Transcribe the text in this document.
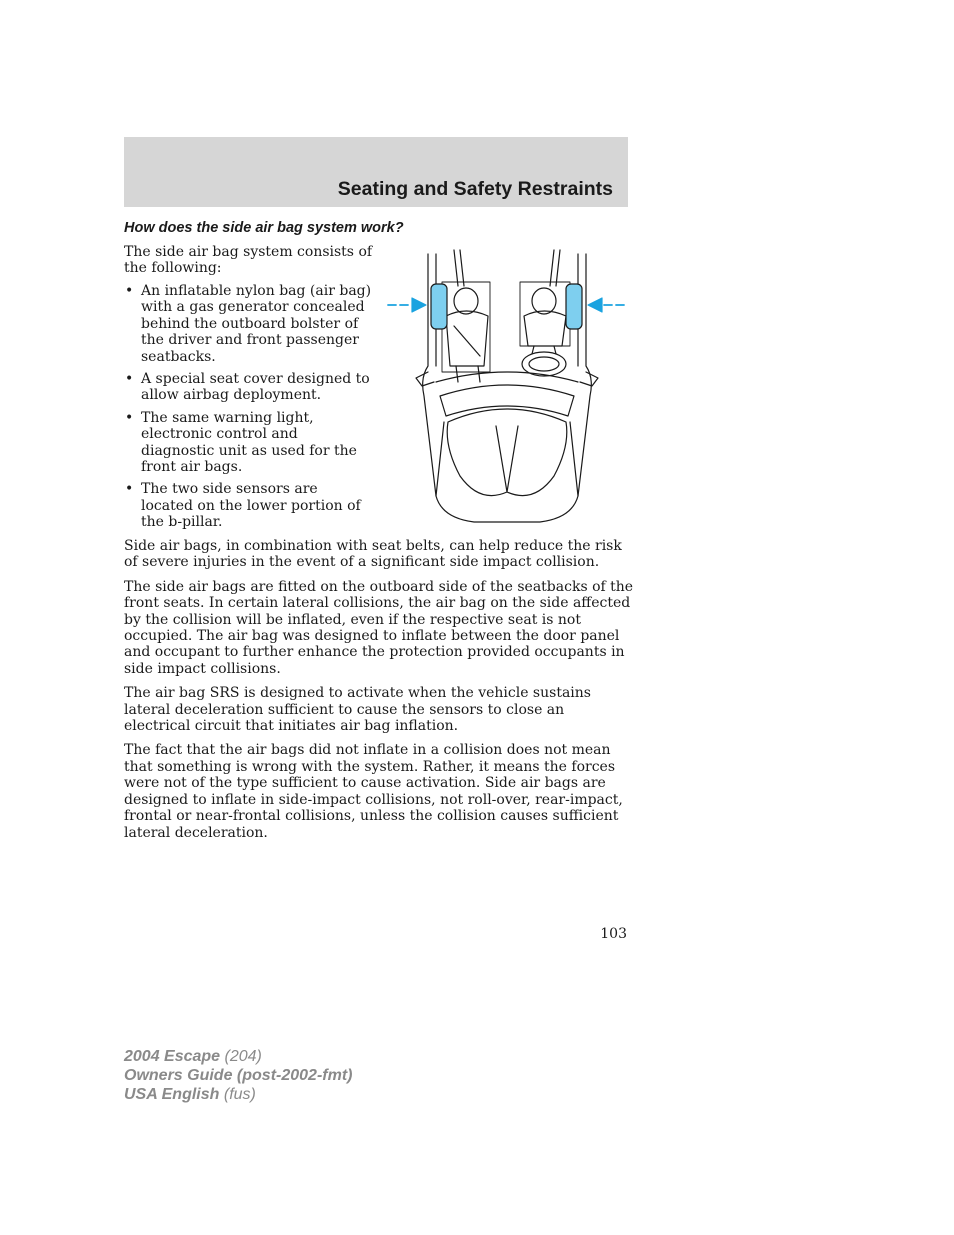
Seating and Safety Restraints
How does the side air bag system work?

The side air bag system consists of the following:

• An inflatable nylon bag (air bag) with a gas generator concealed behind the outboard bolster of the driver and front passenger seatbacks.
• A special seat cover designed to allow airbag deployment.
• The same warning light, electronic control and diagnostic unit as used for the front air bags.
• The two side sensors are located on the lower portion of the b-pillar.

Side air bags, in combination with seat belts, can help reduce the risk of severe injuries in the event of a significant side impact collision.

The side air bags are fitted on the outboard side of the seatbacks of the front seats. In certain lateral collisions, the air bag on the side affected by the collision will be inflated, even if the respective seat is not occupied. The air bag was designed to inflate between the door panel and occupant to further enhance the protection provided occupants in side impact collisions.

The air bag SRS is designed to activate when the vehicle sustains lateral deceleration sufficient to cause the sensors to close an electrical circuit that initiates air bag inflation.

The fact that the air bags did not inflate in a collision does not mean that something is wrong with the system. Rather, it means the forces were not of the type sufficient to cause activation. Side air bags are designed to inflate in side-impact collisions, not roll-over, rear-impact, frontal or near-frontal collisions, unless the collision causes sufficient lateral deceleration.

103

2004 Escape (204)
Owners Guide (post-2002-fmt)
USA English (fus)
